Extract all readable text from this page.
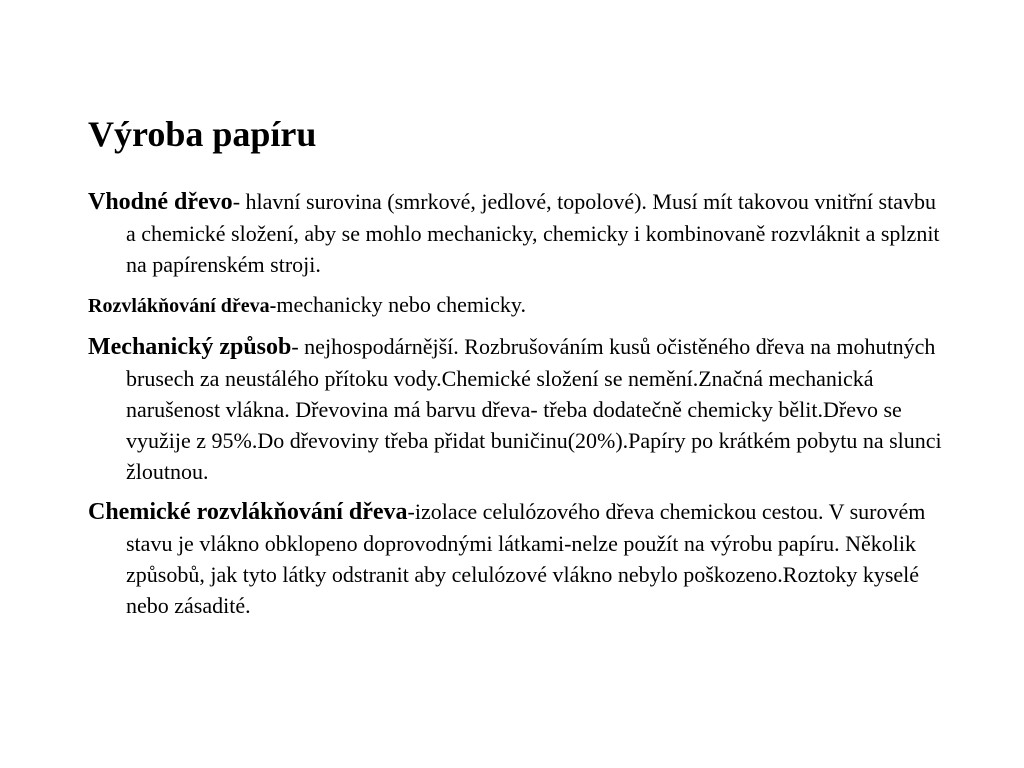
Výroba papíru

Vhodné dřevo- hlavní surovina (smrkové, jedlové, topolové). Musí mít takovou vnitřní stavbu a chemické složení, aby se mohlo mechanicky, chemicky i kombinovaně rozvláknit a splznit na papírenském stroji.

Rozvlákňování dřeva-mechanicky nebo chemicky.

Mechanický způsob- nejhospodárnější. Rozbrušováním kusů očistěného dřeva na mohutných brusech za neustálého přítoku vody.Chemické složení se nemění.Značná mechanická narušenost vlákna. Dřevovina má barvu dřeva- třeba dodatečně chemicky bělit.Dřevo se využije z 95%.Do dřevoviny třeba přidat buničinu(20%).Papíry po krátkém pobytu na slunci žloutnou.

Chemické rozvlákňování dřeva-izolace celulózového dřeva chemickou cestou. V surovém stavu je vlákno obklopeno doprovodnými látkami-nelze použít na výrobu papíru. Několik způsobů, jak tyto látky odstranit aby celulózové vlákno nebylo poškozeno.Roztoky kyselé nebo zásadité.
